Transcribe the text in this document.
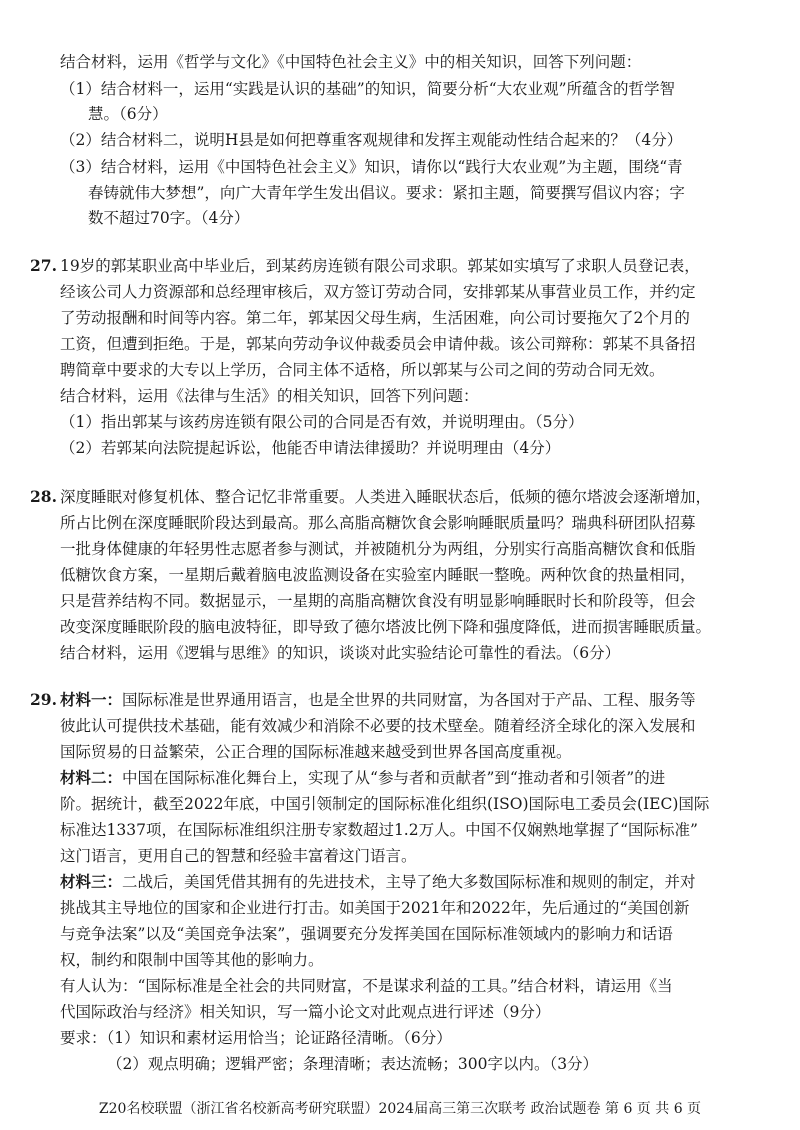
结合材料，运用《哲学与文化》《中国特色社会主义》中的相关知识，回答下列问题：
（1）结合材料一，运用“实践是认识的基础”的知识，简要分析“大农业观”所蕴含的哲学智
慧。（6分）
（2）结合材料二，说明H县是如何把尊重客观规律和发挥主观能动性结合起来的？（4分）
（3）结合材料，运用《中国特色社会主义》知识，请你以“践行大农业观”为主题，围绕“青
春铸就伟大梦想”，向广大青年学生发出倡议。要求：紧扣主题，简要撰写倡议内容；字
数不超过70字。（4分）
27. 19岁的郭某职业高中毕业后，到某药房连锁有限公司求职。郭某如实填写了求职人员登记表，
经该公司人力资源部和总经理审核后，双方签订劳动合同，安排郭某从事营业员工作，并约定
了劳动报酬和时间等内容。第二年，郭某因父母生病，生活困难，向公司讨要拖欠了2个月的
工资，但遭到拒绝。于是，郭某向劳动争议仲裁委员会申请仲裁。该公司辩称：郭某不具备招
聘简章中要求的大专以上学历，合同主体不适格，所以郭某与公司之间的劳动合同无效。
结合材料，运用《法律与生活》的相关知识，回答下列问题：
（1）指出郭某与该药房连锁有限公司的合同是否有效，并说明理由。（5分）
（2）若郭某向法院提起诉讼，他能否申请法律援助？并说明理由（4分）
28. 深度睡眠对修复机体、整合记忆非常重要。人类进入睡眠状态后，低频的德尔塔波会逐渐增加，
所占比例在深度睡眠阶段达到最高。那么高脂高糖饮食会影响睡眠质量吗？瑞典科研团队招募
一批身体健康的年轻男性志愿者参与测试，并被随机分为两组，分别实行高脂高糖饮食和低脂
低糖饮食方案，一星期后戴着脑电波监测设备在实验室内睡眠一整晚。两种饮食的热量相同，
只是营养结构不同。数据显示，一星期的高脂高糖饮食没有明显影响睡眠时长和阶段等，但会
改变深度睡眠阶段的脑电波特征，即导致了德尔塔波比例下降和强度降低，进而损害睡眠质量。
结合材料，运用《逻辑与思维》的知识，谈谈对此实验结论可靠性的看法。（6分）
29. 材料一：国际标准是世界通用语言，也是全世界的共同财富，为各国对于产品、工程、服务等
彼此认可提供技术基础，能有效减少和消除不必要的技术壁垒。随着经济全球化的深入发展和
国际贸易的日益繁荣，公正合理的国际标准越来越受到世界各国高度重视。
材料二：中国在国际标准化舞台上，实现了从“参与者和贡献者”到“推动者和引领者”的进
阶。据统计，截至2022年底，中国引领制定的国际标准化组织(ISO)国际电工委员会(IEC)国际
标准达1337项，在国际标准组织注册专家数超过1.2万人。中国不仅娴熟地掌握了“国际标准”
这门语言，更用自己的智慧和经验丰富着这门语言。
材料三：二战后，美国凭借其拥有的先进技术，主导了绝大多数国际标准和规则的制定，并对
挑战其主导地位的国家和企业进行打击。如美国于2021年和2022年，先后通过的“美国创新
与竞争法案”以及“美国竞争法案”，强调要充分发挥美国在国际标准领域内的影响力和话语
权，制约和限制中国等其他的影响力。
有人认为：“国际标准是全社会的共同财富，不是谋求利益的工具。”结合材料，请运用《当
代国际政治与经济》相关知识，写一篇小论文对此观点进行评述（9分）
要求：（1）知识和素材运用恰当；论证路径清晰。（6分）
（2）观点明确；逻辑严密；条理清晰；表达流畅；300字以内。（3分）
Z20名校联盟（浙江省名校新高考研究联盟）2024届高三第三次联考 政治试题卷 第 6 页 共 6 页
